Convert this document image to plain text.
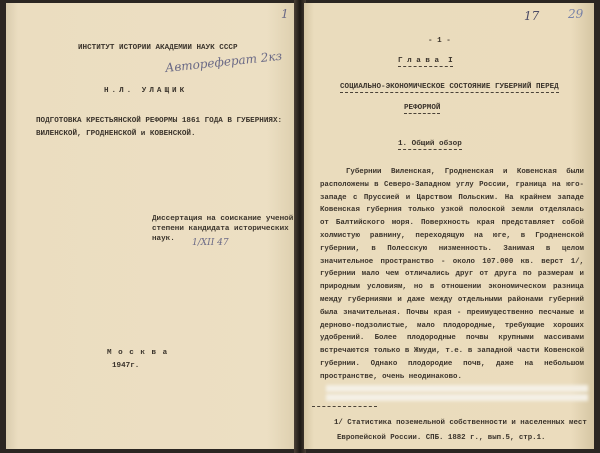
1
ИНСТИТУТ ИСТОРИИ АКАДЕМИИ НАУК СССР
Автореферат 2кз
Н.Л. УЛАЩИК
ПОДГОТОВКА КРЕСТЬЯНСКОЙ РЕФОРМЫ 1861 ГОДА В ГУБЕРНИЯХ:
ВИЛЕНСКОЙ, ГРОДНЕНСКОЙ и КОВЕНСКОЙ.
Диссертация на соискание ученой
степени кандидата исторических
наук. 1/XII 47
М о с к в а
1947г.
17 29
- 1 -
Г л а в а  I
СОЦИАЛЬНО-ЭКОНОМИЧЕСКОЕ СОСТОЯНИЕ ГУБЕРНИЙ ПЕРЕД
РЕФОРМОЙ
1. Общий обзор
Губернии Виленская, Гродненская и Ковенская были расположены в Северо-Западном углу России, граница на юго-западе с Пруссией и Царством Польским. На крайнем западе Ковенская губерния только узкой полоской земли отделялась от Балтийского моря. Поверхность края представляет собой холмистую равнину, переходящую на юге, в Гродненской губернии, в Полесскую низменность. Занимая в целом значительное пространство - около 107.000 кв. верст 1/, губернии мало чем отличались друг от друга по размерам и природным условиям, но в отношении экономическом разница между губерниями и даже между отдельными районами губерний была значительная. Почвы края - преимущественно песчаные и дерново-подзолистые, мало плодородные, требующие хороших удобрений. Более плодородные почвы крупными массивами встречаются только в Жмуди, т.е. в западной части Ковенской губернии. Однако плодородие почв, даже на небольшом пространстве, очень неодинаково.
1/ Статистика поземельной собственности и населенных мест
Европейской России. СПБ. 1882 г., вып.5, стр.1.
